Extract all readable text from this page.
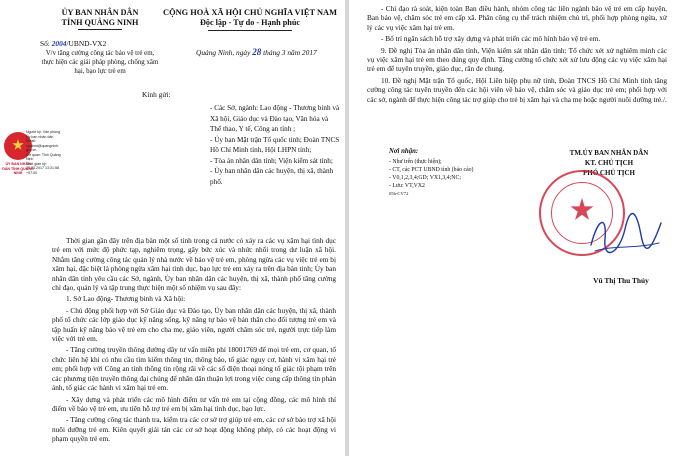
ỦY BAN NHÂN DÂN
TỈNH QUẢNG NINH
CỘNG HOÀ XÃ HỘI CHỦ NGHĨA VIỆT NAM
Độc lập - Tự do - Hạnh phúc
Số: 2004/UBND-VX2
V/v tăng cường công tác bảo vệ trẻ em, thực hiện các giải pháp phòng, chống xâm hại, bạo lực trẻ em
Quảng Ninh, ngày 28 tháng 3 năm 2017
ỦY BAN NHÂN DÂN TỈNH QUẢNG NINH
Người ký: Văn phòng
Ủy ban nhân dân
Email:
vpubnd@quangninh.
gov.vn
Cơ quan: Tỉnh Quảng
Ninh
Thời gian ký:
29.03.2017 13:31:58
+07:00
Kính gửi:
- Các Sở, ngành: Lao động - Thương binh và Xã hội, Giáo dục và Đào tạo, Văn hóa và Thể thao, Y tế, Công an tỉnh ;
- Ủy ban Mặt trận Tổ quốc tỉnh; Đoàn TNCS Hồ Chí Minh tỉnh, Hội LHPN tỉnh;
- Tòa án nhân dân tỉnh; Viện kiểm sát tỉnh;
- Ủy ban nhân dân các huyện, thị xã, thành phố.

Thời gian gần đây trên địa bàn một số tỉnh trong cả nước có xảy ra các vụ xâm hại tình dục trẻ em với mức độ phức tạp, nghiêm trọng, gây bức xúc và nhức nhối trong dư luận xã hội. Nhằm tăng cường công tác quản lý nhà nước về bảo vệ trẻ em, phòng ngừa các vụ việc trẻ em bị xâm hại, đặc biệt là phòng ngừa xâm hại tình dục, bạo lực trẻ em xảy ra trên địa bàn tỉnh; Ủy ban nhân dân tỉnh yêu cầu các Sở, ngành, Ủy ban nhân dân các huyện, thị xã, thành phố tăng cường chỉ đạo, quán lý và tập trung thực hiện một số nhiệm vụ sau đây:

1. Sở Lao động- Thương binh và Xã hội:

- Chủ động phối hợp với Sở Giáo dục và Đào tạo, Ủy ban nhân dân các huyện, thị xã, thành phố tổ chức các lớp giáo dục kỹ năng sống, kỹ năng tự bảo vệ bản thân cho đối tượng trẻ em và tập huấn kỹ năng bảo vệ trẻ em cho cha mẹ, giáo viên, người chăm sóc trẻ, người trực tiếp làm việc với trẻ em.

- Tăng cường truyền thông đường dây tư vấn miễn phí 18001769 để mọi trẻ em, cơ quan, tổ chức liên hệ khi có nhu cầu tìm kiếm thông tin, thông báo, tố giác nguy cơ, hành vi xâm hại trẻ em; phối hợp với Công an tỉnh thông tin rộng rãi về các số điện thoại nóng tố giác tội phạm trên các phương tiện truyền thông đại chúng để nhân dân thuận lợi trong việc cung cấp thông tin phản ánh, tố giác các hành vi xâm hại trẻ em.

- Xây dựng và phát triển các mô hình điểm tư vấn trẻ em tại cộng đồng, các mô hình thí điểm về bảo vệ trẻ em, ưu tiên hỗ trợ trẻ em bị xâm hại tình dục, bạo lực.

- Tăng cường công tác thanh tra, kiểm tra các cơ sở trợ giúp trẻ em, các cơ sở bảo trợ xã hội nuôi dưỡng trẻ em. Kiên quyết giải tán các cơ sở hoạt động không phép, có các hoạt động vi phạm quyền trẻ em.

- Chỉ đạo rà soát, kiện toàn Ban điều hành, nhóm công tác liên ngành bảo vệ trẻ em cấp huyện, Ban bảo vệ, chăm sóc trẻ em cấp xã. Phân công cụ thể trách nhiệm chủ trì, phối hợp phòng ngừa, xử lý các vụ việc xâm hại trẻ em.

- Bố trí ngân sách hỗ trợ xây dựng và phát triển các mô hình bảo vệ trẻ em.

9. Đề nghị Tòa án nhân dân tỉnh, Viện kiểm sát nhân dân tỉnh: Tổ chức xét xử nghiêm minh các vụ việc xâm hại trẻ em theo đúng quy định. Tăng cường tổ chức xét xử lưu động các vụ việc xâm hại trẻ em để tuyên truyền, giáo dục, răn đe chung.

10. Đề nghị Mặt trận Tổ quốc, Hội Liên hiệp phụ nữ tỉnh, Đoàn TNCS Hồ Chí Minh tỉnh tăng cường công tác tuyên truyền đến các hội viên về bảo vệ, chăm sóc và giáo dục trẻ em; phối hợp với các sở, ngành để thực hiện công tác trợ giúp cho trẻ bị xâm hại và cha mẹ hoặc người nuôi dưỡng trẻ./.

Nơi nhận:
- Như trên (thực hiện);
- CT, các PCT UBND tỉnh (báo cáo)
- V0,1,2,3,4;GD; VX1,3,4;NC;
- Lưu: VT,VX2
05b-CV72
TM.ỦY BAN NHÂN DÂN
KT. CHỦ TỊCH
PHÓ CHỦ TỊCH
Vũ Thị Thu Thủy
